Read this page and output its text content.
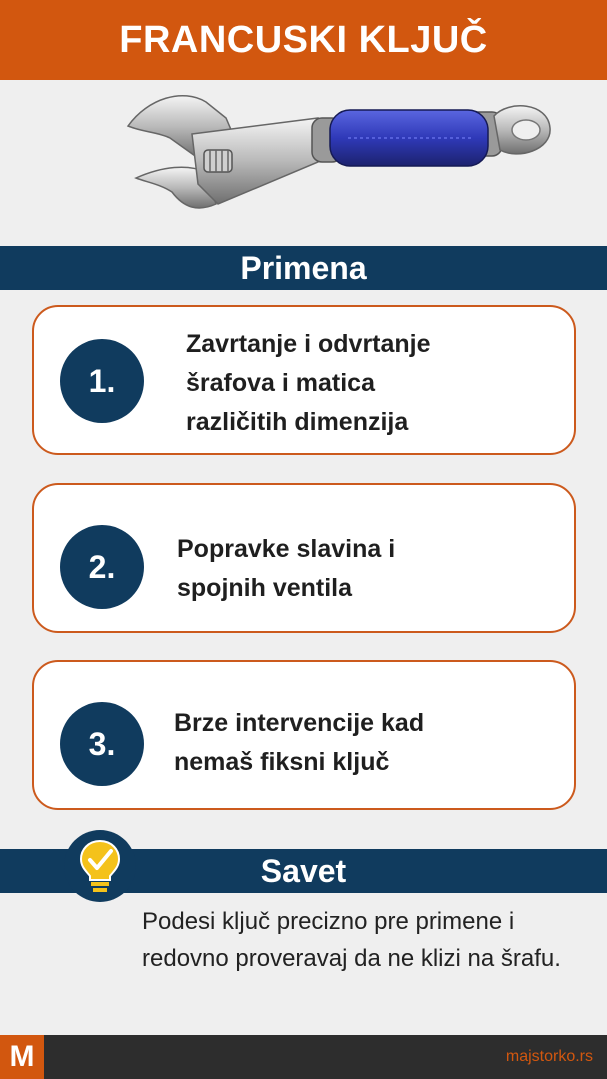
FRANCUSKI KLJUČ
Primena
1.
Zavrtanje i odvrtanje
šrafova i matica
različitih dimenzija
2.	Popravke slavina i
spojnih ventila
3.
Brze intervencije kad
nemaš fiksni ključ
Savet
Podesi ključ precizno pre primene i
redovno proveravaj da ne klizi na šrafu.
M	majstorko.rs
